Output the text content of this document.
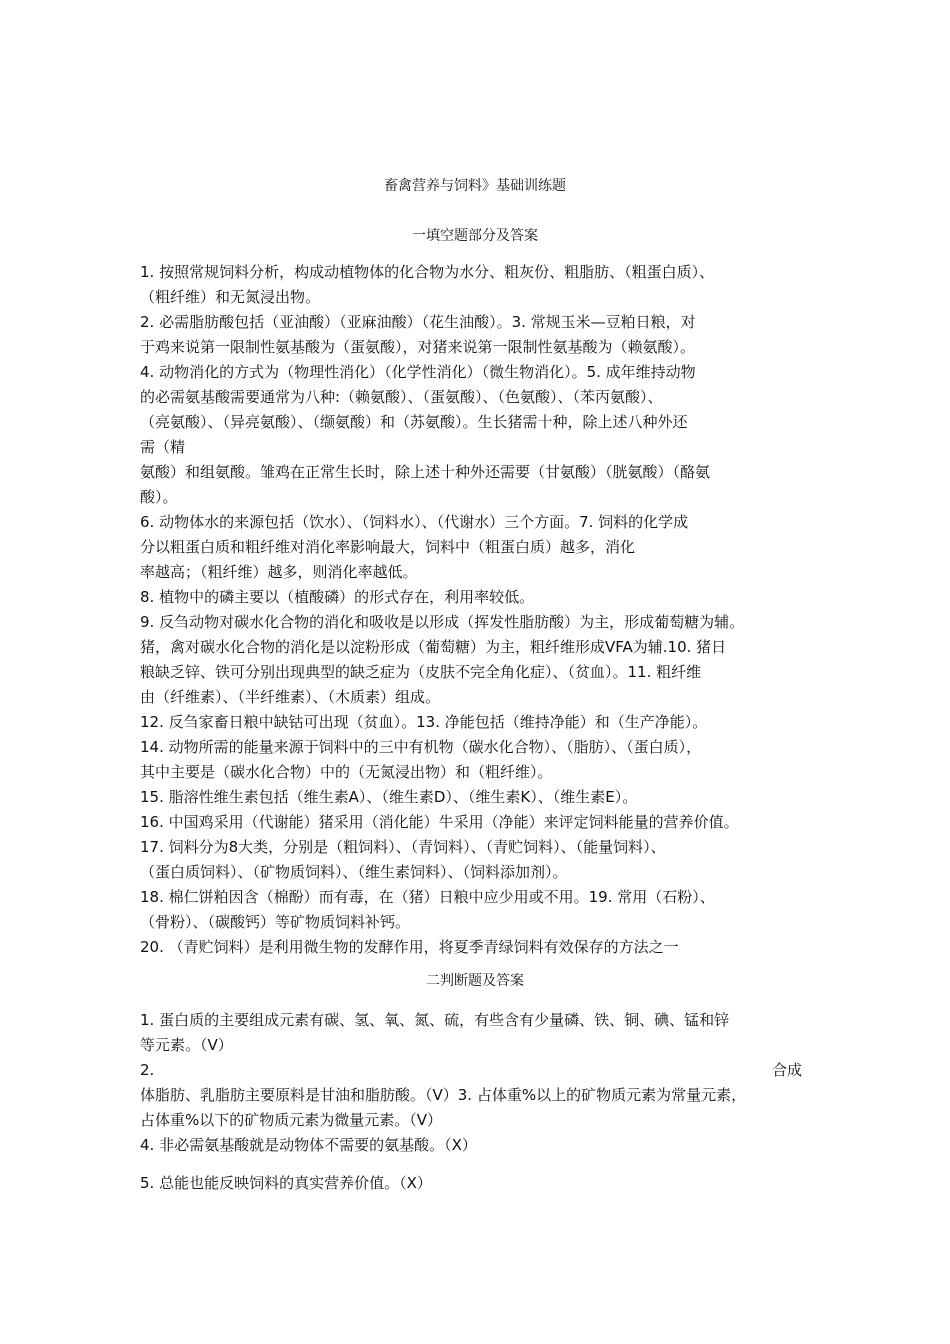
畜禽营养与饲料》基础训练题
一填空题部分及答案
1. 按照常规饲料分析，构成动植物体的化合物为水分、粗灰份、粗脂肪、（粗蛋白质）、
（粗纤维）和无氮浸出物。
2. 必需脂肪酸包括（亚油酸）（亚麻油酸）（花生油酸）。3. 常规玉米—豆粕日粮，对
于鸡来说第一限制性氨基酸为（蛋氨酸），对猪来说第一限制性氨基酸为（赖氨酸）。
4. 动物消化的方式为（物理性消化）（化学性消化）（微生物消化）。5. 成年维持动物
的必需氨基酸需要通常为八种:（赖氨酸）、（蛋氨酸）、（色氨酸）、（苯丙氨酸）、
（亮氨酸）、（异亮氨酸）、（缬氨酸）和（苏氨酸）。生长猪需十种，除上述八种外还
需（精
氨酸）和组氨酸。雏鸡在正常生长时，除上述十种外还需要（甘氨酸）（胱氨酸）（酪氨
酸）。
6. 动物体水的来源包括（饮水）、（饲料水）、（代谢水）三个方面。7. 饲料的化学成
分以粗蛋白质和粗纤维对消化率影响最大，饲料中（粗蛋白质）越多，消化
率越高；（粗纤维）越多，则消化率越低。
8. 植物中的磷主要以（植酸磷）的形式存在，利用率较低。
9. 反刍动物对碳水化合物的消化和吸收是以形成（挥发性脂肪酸）为主，形成葡萄糖为辅。
猪，禽对碳水化合物的消化是以淀粉形成（葡萄糖）为主，粗纤维形成VFA为辅.10. 猪日
粮缺乏锌、铁可分别出现典型的缺乏症为（皮肤不完全角化症）、（贫血）。11. 粗纤维
由（纤维素）、（半纤维素）、（木质素）组成。
12. 反刍家畜日粮中缺钴可出现（贫血）。13. 净能包括（维持净能）和（生产净能）。
14. 动物所需的能量来源于饲料中的三中有机物（碳水化合物）、（脂肪）、（蛋白质），
其中主要是（碳水化合物）中的（无氮浸出物）和（粗纤维）。
15. 脂溶性维生素包括（维生素A）、（维生素D）、（维生素K）、（维生素E）。
16. 中国鸡采用（代谢能）猪采用（消化能）牛采用（净能）来评定饲料能量的营养价值。
17. 饲料分为8大类，分别是（粗饲料）、（青饲料）、（青贮饲料）、（能量饲料）、
（蛋白质饲料）、（矿物质饲料）、（维生素饲料）、（饲料添加剂）。
18. 棉仁饼粕因含（棉酚）而有毒，在（猪）日粮中应少用或不用。19. 常用（石粉）、
（骨粉）、（碳酸钙）等矿物质饲料补钙。
20. （青贮饲料）是利用微生物的发酵作用，将夏季青绿饲料有效保存的方法之一
二判断题及答案
1. 蛋白质的主要组成元素有碳、氢、氧、氮、硫，有些含有少量磷、铁、铜、碘、锰和锌
等元素。（V）
2.	合成
体脂肪、乳脂肪主要原料是甘油和脂肪酸。（V）3. 占体重%以上的矿物质元素为常量元素，
占体重%以下的矿物质元素为微量元素。（V）
4. 非必需氨基酸就是动物体不需要的氨基酸。（X）
5. 总能也能反映饲料的真实营养价值。（X）
